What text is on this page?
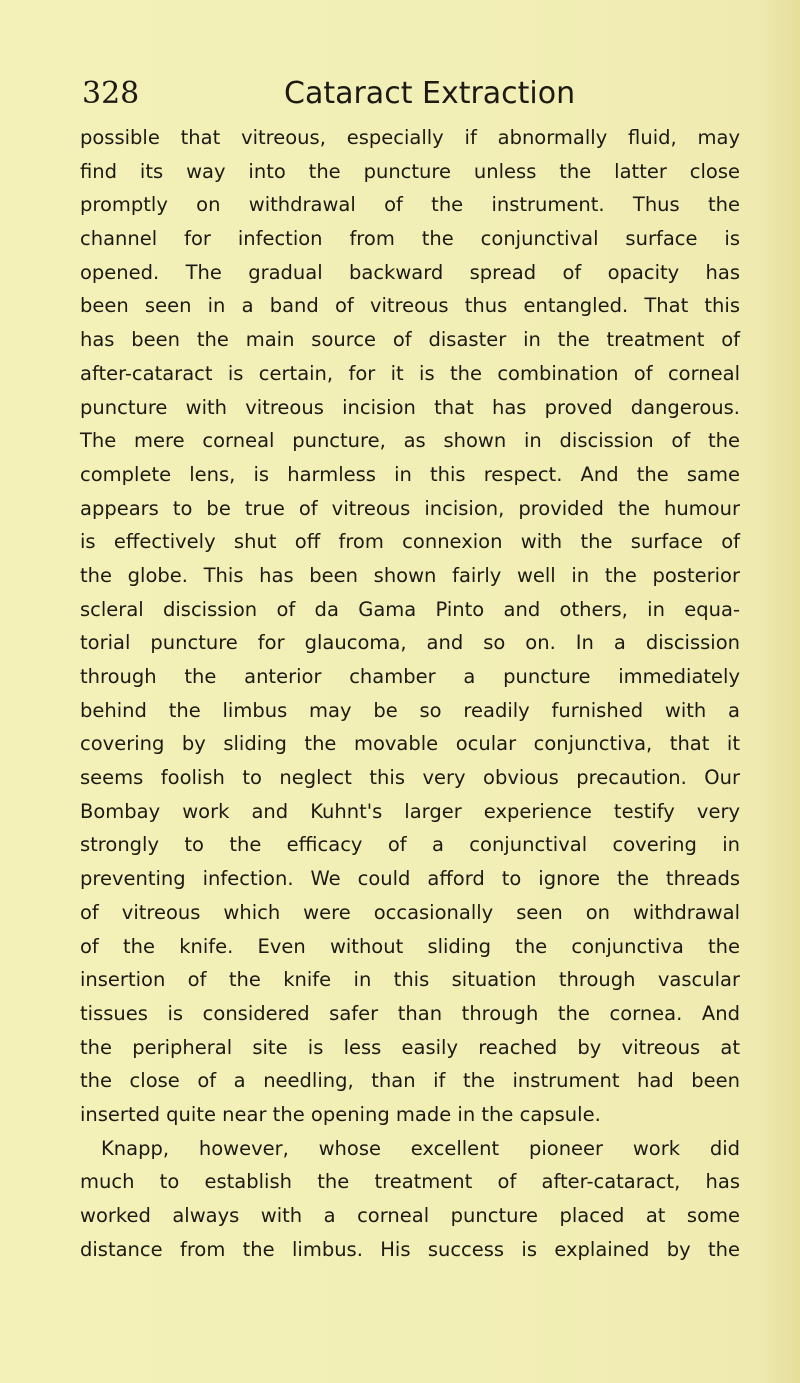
328	Cataract Extraction
possible that vitreous, especially if abnormally fluid, may
find its way into the puncture unless the latter close
promptly on withdrawal of the instrument. Thus the
channel for infection from the conjunctival surface is
opened. The gradual backward spread of opacity has
been seen in a band of vitreous thus entangled. That this
has been the main source of disaster in the treatment of
after-cataract is certain, for it is the combination of corneal
puncture with vitreous incision that has proved dangerous.
The mere corneal puncture, as shown in discission of the
complete lens, is harmless in this respect. And the same
appears to be true of vitreous incision, provided the humour
is effectively shut off from connexion with the surface of
the globe. This has been shown fairly well in the posterior
scleral discission of da Gama Pinto and others, in equa-
torial puncture for glaucoma, and so on. In a discission
through the anterior chamber a puncture immediately
behind the limbus may be so readily furnished with a
covering by sliding the movable ocular conjunctiva, that it
seems foolish to neglect this very obvious precaution. Our
Bombay work and Kuhnt's larger experience testify very
strongly to the efficacy of a conjunctival covering in
preventing infection. We could afford to ignore the threads
of vitreous which were occasionally seen on withdrawal
of the knife. Even without sliding the conjunctiva the
insertion of the knife in this situation through vascular
tissues is considered safer than through the cornea. And
the peripheral site is less easily reached by vitreous at
the close of a needling, than if the instrument had been
inserted quite near the opening made in the capsule.
Knapp, however, whose excellent pioneer work did
much to establish the treatment of after-cataract, has
worked always with a corneal puncture placed at some
distance from the limbus. His success is explained by the
